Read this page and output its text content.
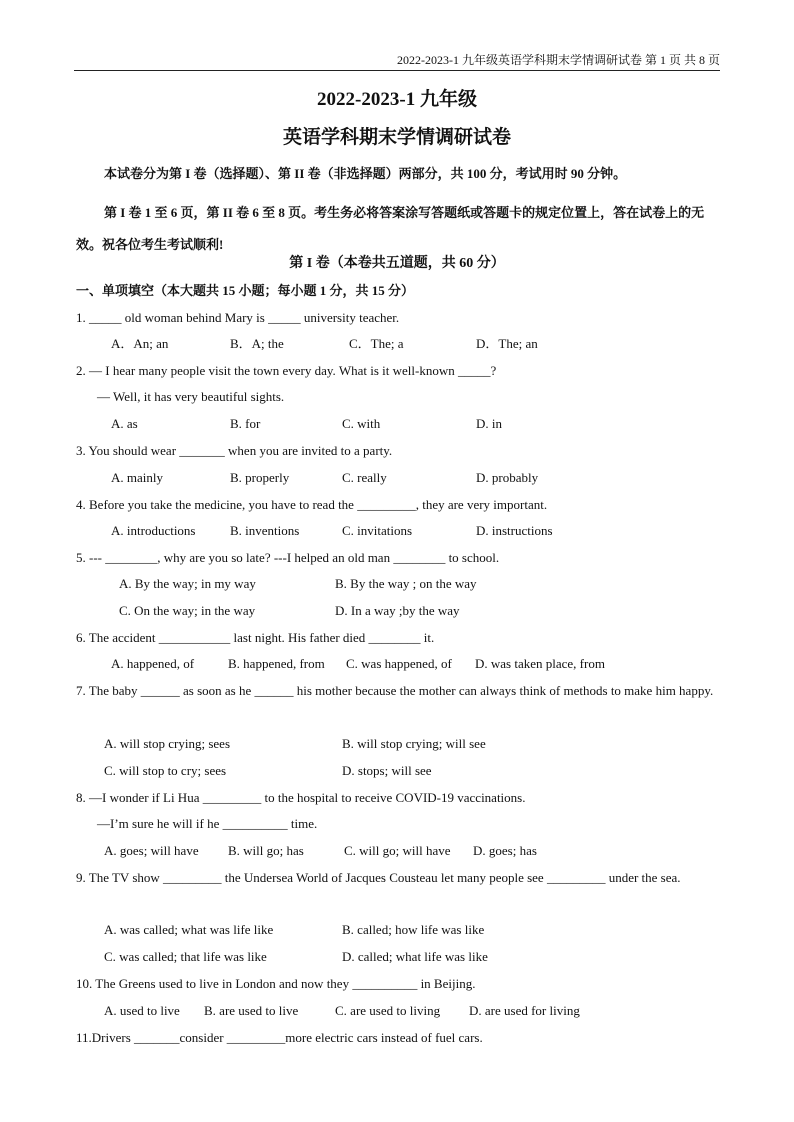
2022-2023-1 九年级英语学科期末学情调研试卷 第 1 页 共 8 页
2022-2023-1 九年级
英语学科期末学情调研试卷
本试卷分为第 I 卷（选择题）、第 II 卷（非选择题）两部分，共 100 分，考试用时 90 分钟。
第 I 卷 1 至 6 页，第 II 卷 6 至 8 页。考生务必将答案涂写答题纸或答题卡的规定位置上，答在试卷上的无效。祝各位考生考试顺利!
第 I 卷（本卷共五道题，共 60 分）
一、单项填空（本大题共 15 小题；每小题 1 分，共 15 分）
1. _____ old woman behind Mary is _____ university teacher.
A．An; an	B．A; the	C．The; a	D．The; an
2. — I hear many people visit the town every day. What is it well-known _____?
— Well, it has very beautiful sights.
A. as	B. for	C. with	D. in
3. You should wear _______ when you are invited to a party.
A. mainly	B. properly	C. really	D. probably
4. Before you take the medicine, you have to read the _________, they are very important.
A. introductions	B. inventions	C. invitations	D. instructions
5. --- ________, why are you so late? ---I helped an old man ________ to school.
A. By the way; in my way	B. By the way ; on the way
C. On the way; in the way	D. In a way ;by the way
6. The accident ___________ last night. His father died ________ it.
A. happened, of	B. happened, from C. was happened, of D. was taken place, from
7. The baby ______ as soon as he ______ his mother because the mother can always think of methods to make him happy.
A. will stop crying; sees	B. will stop crying; will see
C. will stop to cry; sees	D. stops; will see
8. —I wonder if Li Hua _________ to the hospital to receive COVID-19 vaccinations.
—I’m sure he will if he __________ time.
A. goes; will have B. will go; has	C. will go; will have D. goes; has
9. The TV show _________ the Undersea World of Jacques Cousteau let many people see _________ under the sea.
A. was called; what was life like	B. called; how life was like
C. was called; that life was like	D. called; what life was like
10. The Greens used to live in London and now they __________ in Beijing.
A. used to live B. are used to live	C. are used to living D. are used for living
11.Drivers _______consider _________more electric cars instead of fuel cars.
